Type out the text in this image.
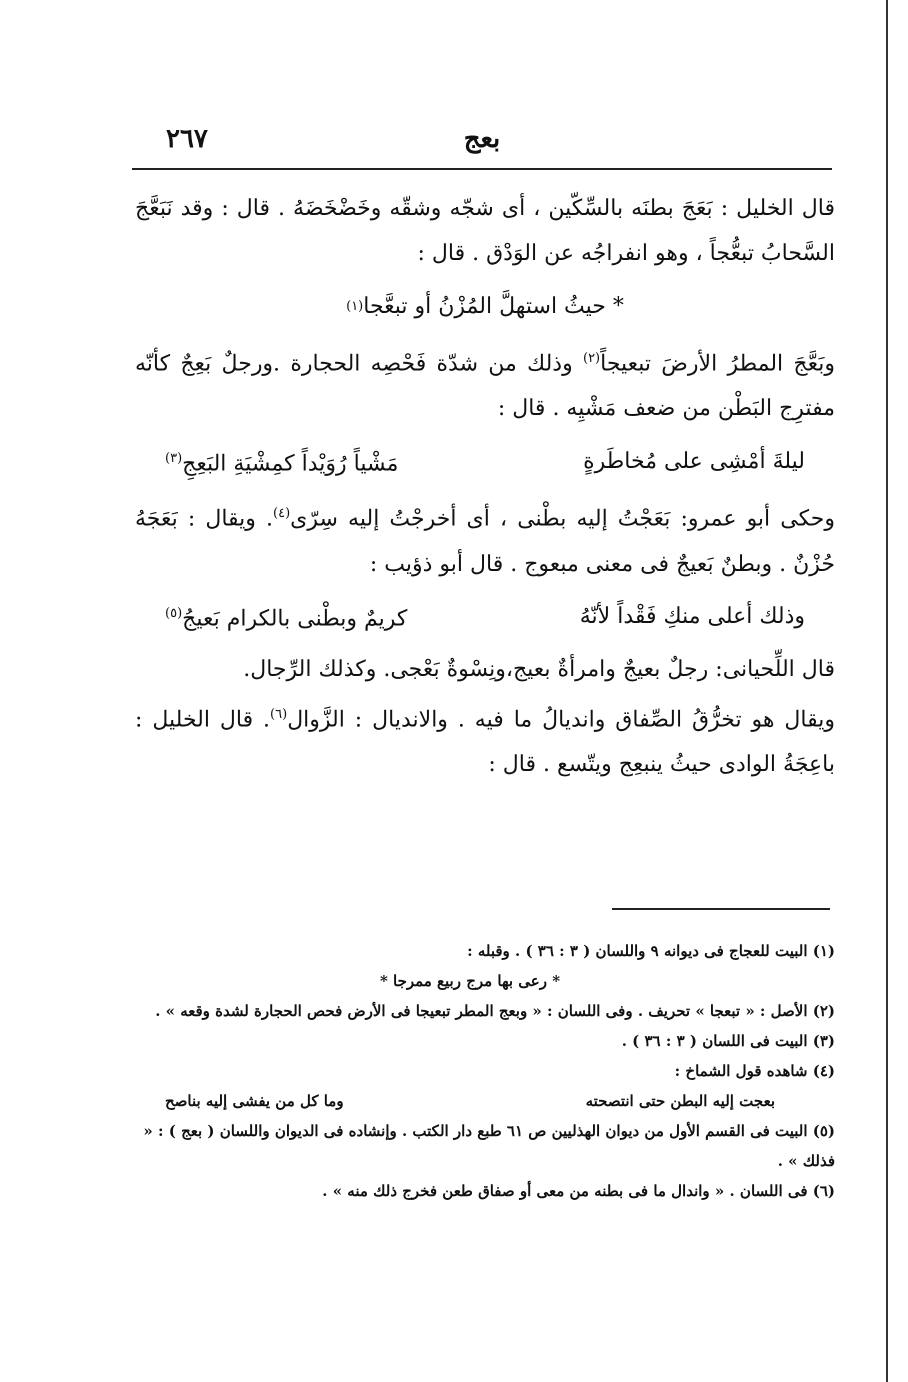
٢٦٧	بعج

قال الخليل : بَعَجَ بطنَه بالسِّكّين ، أى شجّه وشقّه وخَضْخَضَهُ . قال : وقد نَبَعَّجَ السَّحابُ تبعُّجاً ، وهو انفراجُه عن الوَدْق . قال :

* حيثُ استهلَّ المُزْنُ أو تبعَّجا
(١)

وبَعَّجَ المطرُ الأرضَ تبعيجاً$^{(٢)}$ وذلك من شدّة فَحْصِه الحجارة .ورجلٌ بَعِجٌ كأنّه مفترِج البَطْن من ضعف مَشْيِه . قال :

ليلةَ أمْشِى على مُخاطَرةٍ
مَشْياً رُوَيْداً كمِشْيَةِ البَعِجِ$^{(٣)}$

وحكى أبو عمرو: بَعَجْتُ إليه بطْنى ، أى أخرجْتُ إليه سِرّى$^{(٤)}$. ويقال : بَعَجَهُ حُزْنٌ . وبطنٌ بَعيجٌ فى معنى مبعوج . قال أبو ذؤيب :

وذلك أعلى منكِ فَقْداً لأنّهُ
كريمٌ وبطْنى بالكرام بَعيجُ$^{(٥)}$

قال اللِّحيانى: رجلٌ بعيجٌ وامرأةٌ بعيج،ونِسْوةٌ بَعْجى. وكذلك الرِّجال.

ويقال هو تخرُّقُ الصِّفاق وانديالُ ما فيه . والانديال : الزَّوال$^{(٦)}$. قال الخليل : باعِجَةُ الوادى حيثُ ينبعِج ويتّسع . قال :

(١) البيت للعجاج فى ديوانه ٩ واللسان ( ٣ : ٣٦ ) . وقبله :

* رعى بها مرج ربيع ممرجا *

(٢) الأصل : « تبعجا » تحريف . وفى اللسان : « وبعج المطر تبعيجا فى الأرض فحص الحجارة لشدة وقعه » .

(٣) البيت فى اللسان ( ٣ : ٣٦ ) .

(٤) شاهده قول الشماخ :

بعجت إليه البطن حتى انتصحته
وما كل من يفشى إليه بناصح

(٥) البيت فى القسم الأول من ديوان الهذليين ص ٦١ طبع دار الكتب . وإنشاده فى الديوان واللسان ( بعج ) : « فذلك » .

(٦) فى اللسان . « واندال ما فى بطنه من معى أو صفاق طعن فخرج ذلك منه » .
